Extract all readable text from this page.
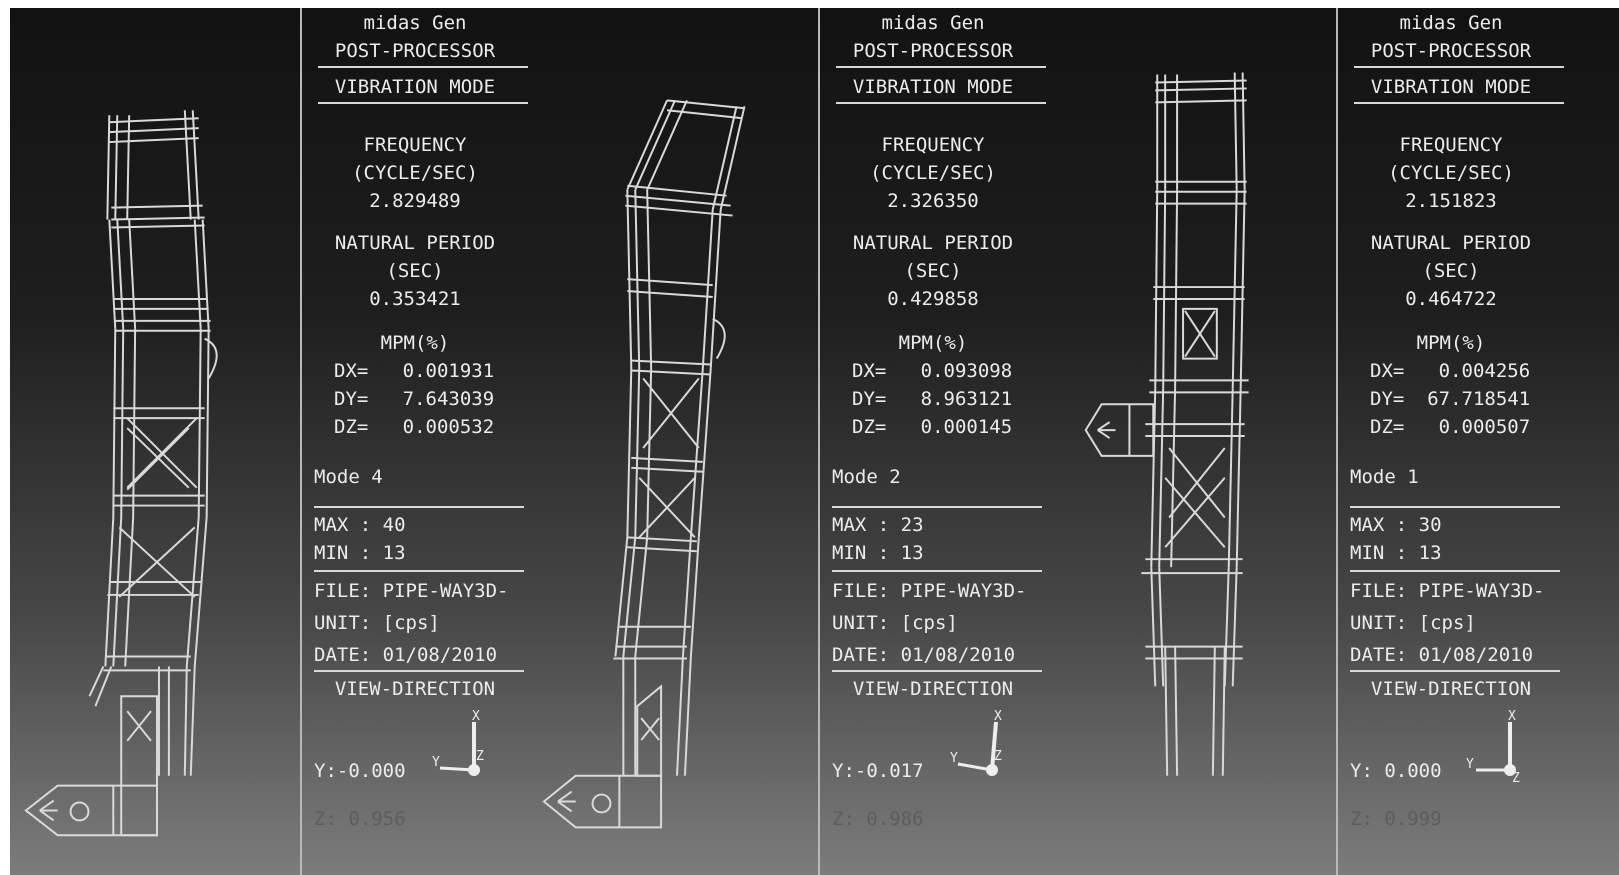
midas Gen
POST-PROCESSOR
VIBRATION MODE
FREQUENCY
(CYCLE/SEC)
2.829489
NATURAL PERIOD
(SEC)
0.353421
MPM(%)
DX=   0.001931
DY=   7.643039
DZ=   0.000532
Mode 4
MAX : 40
MIN : 13
FILE: PIPE-WAY3D-
UNIT: [cps]
DATE: 01/08/2010
VIEW-DIRECTION
X:-0.292
Y:-0.000
Z: 0.956
X
Y	Z
midas Gen
POST-PROCESSOR
VIBRATION MODE
FREQUENCY
(CYCLE/SEC)
2.326350
NATURAL PERIOD
(SEC)
0.429858
MPM(%)
DX=   0.093098
DY=   8.963121
DZ=   0.000145
Mode 2
MAX : 23
MIN : 13
FILE: PIPE-WAY3D-
UNIT: [cps]
DATE: 01/08/2010
VIEW-DIRECTION
X:-0.164
Y:-0.017
Z: 0.986
X
Y	Z
midas Gen
POST-PROCESSOR
VIBRATION MODE
FREQUENCY
(CYCLE/SEC)
2.151823
NATURAL PERIOD
(SEC)
0.464722
MPM(%)
DX=   0.004256
DY=  67.718541
DZ=   0.000507
Mode 1
MAX : 30
MIN : 13
FILE: PIPE-WAY3D-
UNIT: [cps]
DATE: 01/08/2010
VIEW-DIRECTION
X: 0.044
Y: 0.000
Z: 0.999
X
Y
Z
